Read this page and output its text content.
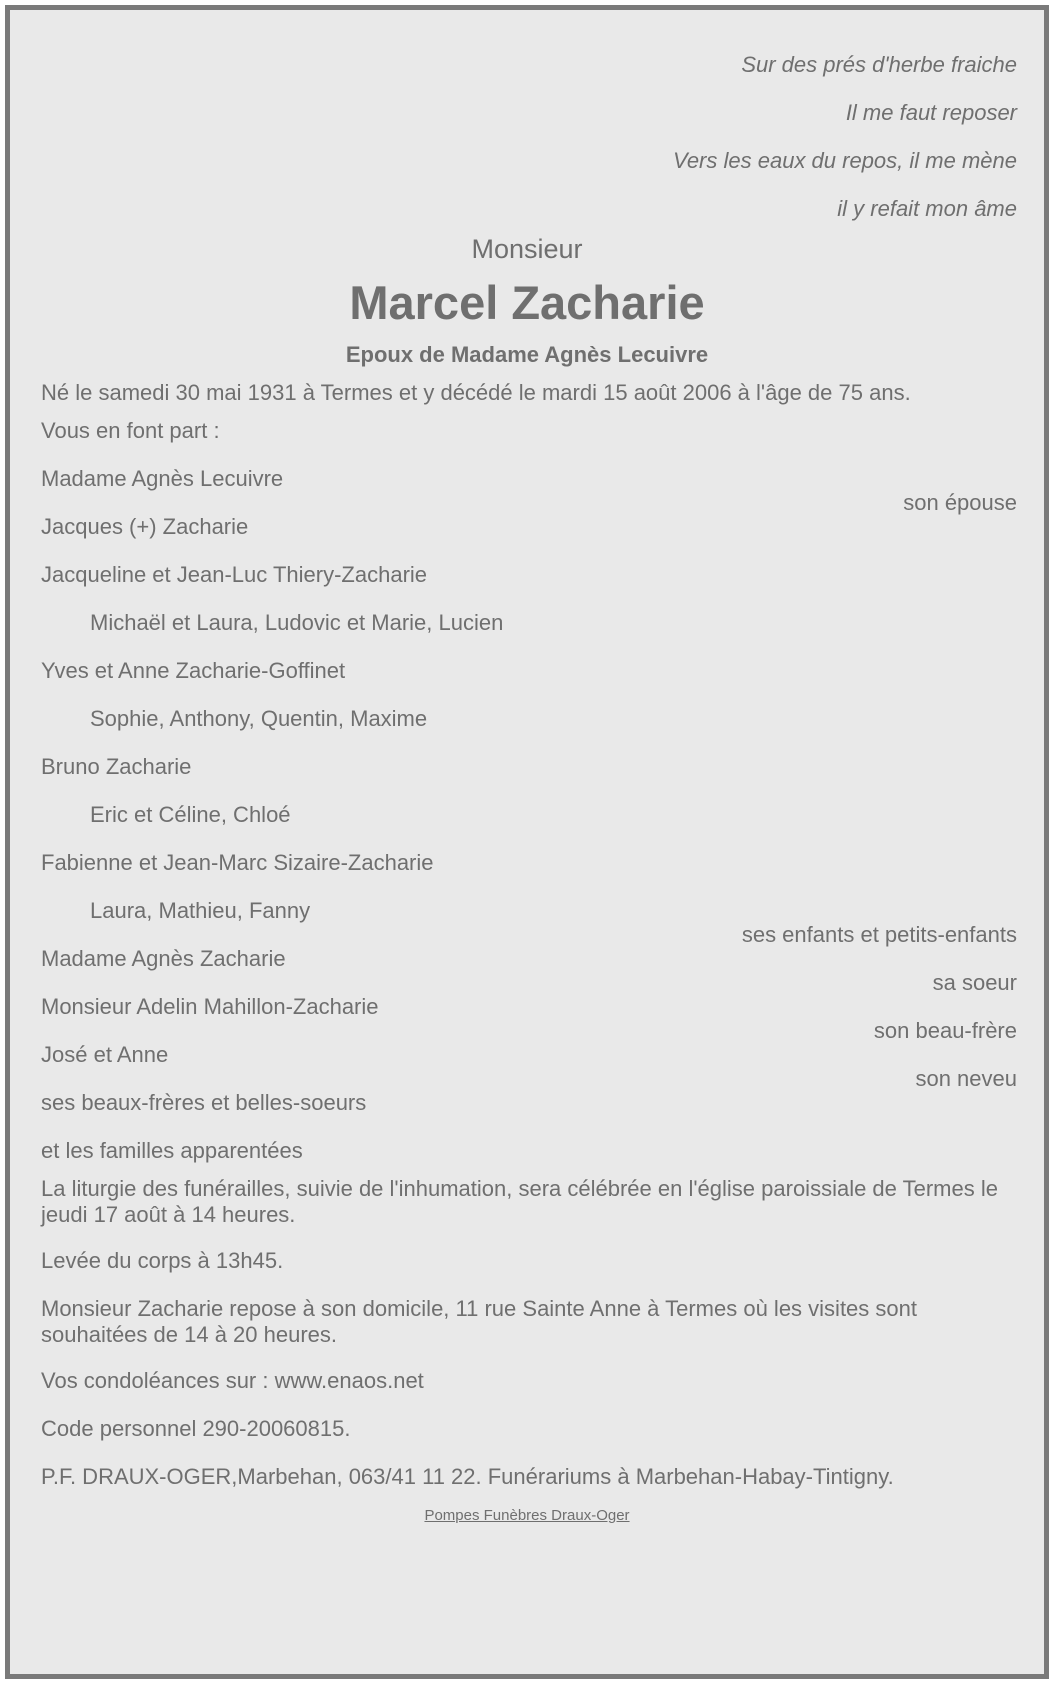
Sur des prés d'herbe fraiche
Il me faut reposer
Vers les eaux du repos, il me mène
il y refait mon âme
Monsieur
Marcel Zacharie
Epoux de Madame Agnès Lecuivre
Né le samedi 30 mai 1931 à Termes et y décédé le mardi 15 août 2006 à l'âge de 75 ans.
Vous en font part :
Madame Agnès Lecuivre
son épouse
Jacques (+) Zacharie
Jacqueline et Jean-Luc Thiery-Zacharie
Michaël et Laura, Ludovic et Marie, Lucien
Yves et Anne Zacharie-Goffinet
Sophie, Anthony, Quentin, Maxime
Bruno Zacharie
Eric et Céline, Chloé
Fabienne et Jean-Marc Sizaire-Zacharie
Laura, Mathieu, Fanny
ses enfants et petits-enfants
Madame Agnès Zacharie
sa soeur
Monsieur Adelin Mahillon-Zacharie
son beau-frère
José et Anne
son neveu
ses beaux-frères et belles-soeurs
et les familles apparentées
La liturgie des funérailles, suivie de l'inhumation, sera célébrée en l'église paroissiale de Termes le jeudi 17 août à 14 heures.
Levée du corps à 13h45.
Monsieur Zacharie repose à son domicile, 11 rue Sainte Anne à Termes où les visites sont souhaitées de 14 à 20 heures.
Vos condoléances sur : www.enaos.net
Code personnel 290-20060815.
P.F. DRAUX-OGER,Marbehan, 063/41 11 22. Funérariums à Marbehan-Habay-Tintigny.
Pompes Funèbres Draux-Oger
